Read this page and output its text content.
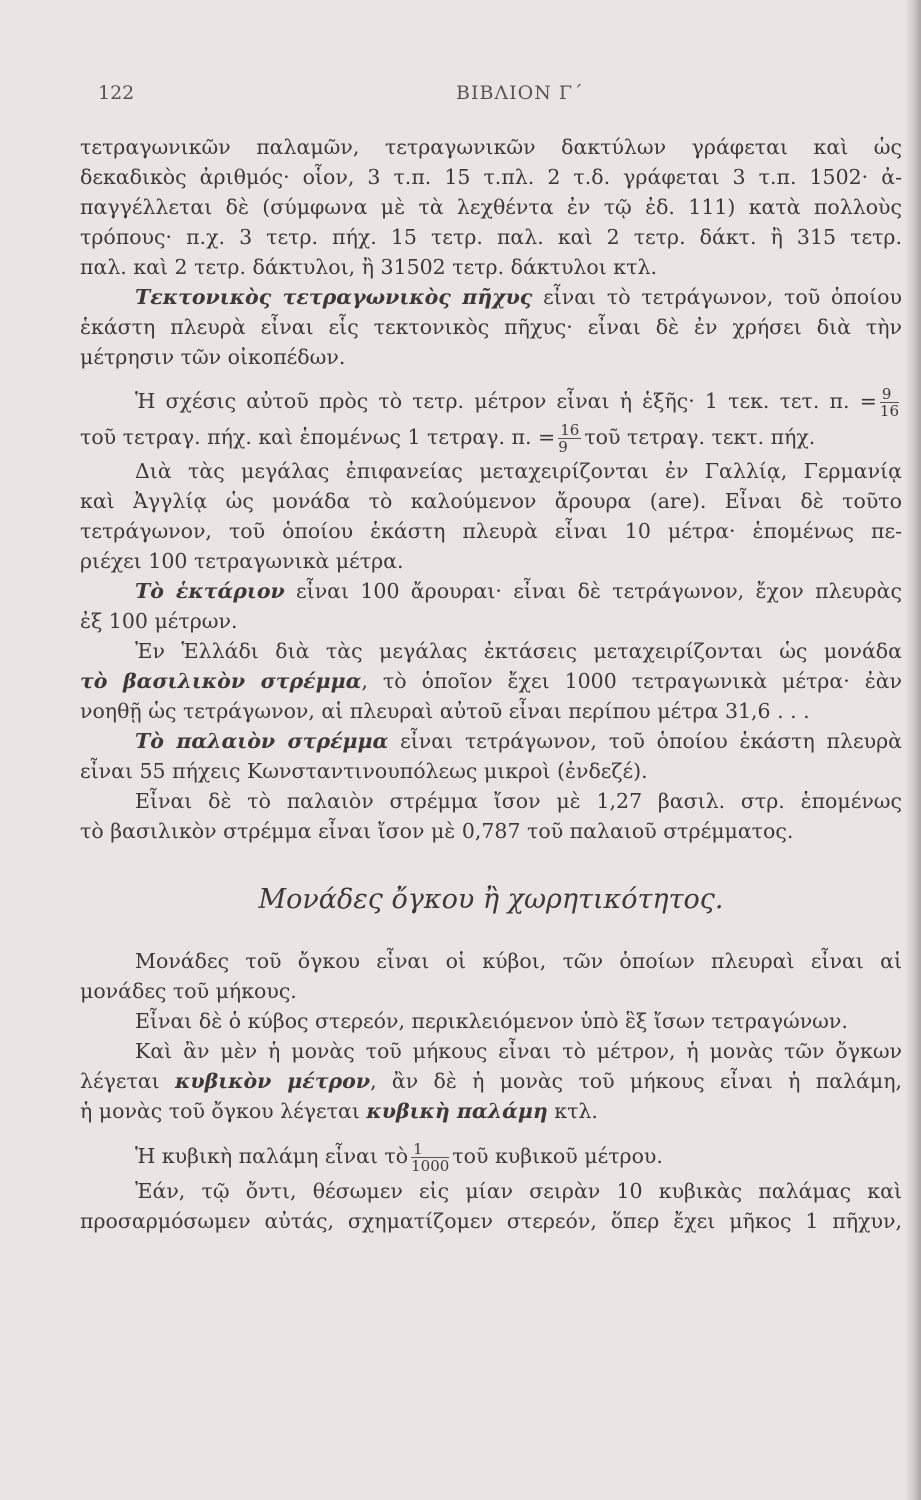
122	ΒΙΒΛΙΟΝ Γ΄
τετραγωνικῶν παλαμῶν, τετραγωνικῶν δακτύλων γράφεται καὶ ὡς
δεκαδικὸς ἀριθμός· οἷον, 3 τ.π. 15 τ.πλ. 2 τ.δ. γράφεται 3 τ.π. 1502· ἀ-
παγγέλλεται δὲ (σύμφωνα μὲ τὰ λεχθέντα ἐν τῷ ἐδ. 111) κατὰ πολλοὺς
τρόπους· π.χ. 3 τετρ. πήχ. 15 τετρ. παλ. καὶ 2 τετρ. δάκτ. ἢ 315 τετρ.
παλ. καὶ 2 τετρ. δάκτυλοι, ἢ 31502 τετρ. δάκτυλοι κτλ.
Τεκτονικὸς τετραγωνικὸς πῆχυς εἶναι τὸ τετράγωνον, τοῦ ὁποίου
ἑκάστη πλευρὰ εἶναι εἷς τεκτονικὸς πῆχυς· εἶναι δὲ ἐν χρήσει διὰ τὴν
μέτρησιν τῶν οἰκοπέδων.
Ἡ σχέσις αὐτοῦ πρὸς τὸ τετρ. μέτρον εἶναι ἡ ἑξῆς· 1 τεκ. τετ. π. = $\frac{9}{16}$
τοῦ τετραγ. πήχ. καὶ ἑπομένως 1 τετραγ. π. = $\frac{16}{9}$ τοῦ τετραγ. τεκτ. πήχ.
Διὰ τὰς μεγάλας ἐπιφανείας μεταχειρίζονται ἐν Γαλλίᾳ, Γερμανίᾳ
καὶ Ἀγγλίᾳ ὡς μονάδα τὸ καλούμενον ἄρουρα (are). Εἶναι δὲ τοῦτο
τετράγωνον, τοῦ ὁποίου ἑκάστη πλευρὰ εἶναι 10 μέτρα· ἑπομένως πε-
ριέχει 100 τετραγωνικὰ μέτρα.
Τὸ ἑκτάριον εἶναι 100 ἄρουραι· εἶναι δὲ τετράγωνον, ἔχον πλευρὰς
ἐξ 100 μέτρων.
Ἐν Ἑλλάδι διὰ τὰς μεγάλας ἐκτάσεις μεταχειρίζονται ὡς μονάδα
τὸ βασιλικὸν στρέμμα, τὸ ὁποῖον ἔχει 1000 τετραγωνικὰ μέτρα· ἐὰν
νοηθῇ ὡς τετράγωνον, αἱ πλευραὶ αὐτοῦ εἶναι περίπου μέτρα 31,6 . . .
Τὸ παλαιὸν στρέμμα εἶναι τετράγωνον, τοῦ ὁποίου ἑκάστη πλευρὰ
εἶναι 55 πήχεις Κωνσταντινουπόλεως μικροὶ (ἐνδεζέ).
Εἶναι δὲ τὸ παλαιὸν στρέμμα ἴσον μὲ 1,27 βασιλ. στρ. ἑπομένως
τὸ βασιλικὸν στρέμμα εἶναι ἴσον μὲ 0,787 τοῦ παλαιοῦ στρέμματος.
Μονάδες ὄγκου ἢ χωρητικότητος.
Μονάδες τοῦ ὄγκου εἶναι οἱ κύβοι, τῶν ὁποίων πλευραὶ εἶναι αἱ
μονάδες τοῦ μήκους.
Εἶναι δὲ ὁ κύβος στερεόν, περικλειόμενον ὑπὸ ἓξ ἴσων τετραγώνων.
Καὶ ἂν μὲν ἡ μονὰς τοῦ μήκους εἶναι τὸ μέτρον, ἡ μονὰς τῶν ὄγκων
λέγεται κυβικὸν μέτρον, ἂν δὲ ἡ μονὰς τοῦ μήκους εἶναι ἡ παλάμη,
ἡ μονὰς τοῦ ὄγκου λέγεται κυβικὴ παλάμη κτλ.
Ἡ κυβικὴ παλάμη εἶναι τὸ $\frac{1}{1000}$ τοῦ κυβικοῦ μέτρου.
Ἐάν, τῷ ὄντι, θέσωμεν εἰς μίαν σειρὰν 10 κυβικὰς παλάμας καὶ
προσαρμόσωμεν αὐτάς, σχηματίζομεν στερεόν, ὅπερ ἔχει μῆκος 1 πῆχυν,
